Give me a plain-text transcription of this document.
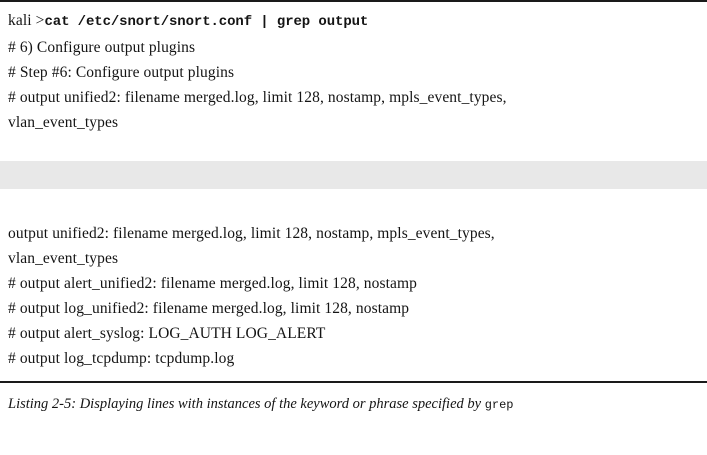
kali >cat /etc/snort/snort.conf | grep output
# 6) Configure output plugins
# Step #6: Configure output plugins
# output unified2: filename merged.log, limit 128, nostamp, mpls_event_types,
vlan_event_types
output unified2: filename merged.log, limit 128, nostamp, mpls_event_types,
vlan_event_types
# output alert_unified2: filename merged.log, limit 128, nostamp
# output log_unified2: filename merged.log, limit 128, nostamp
# output alert_syslog: LOG_AUTH LOG_ALERT
# output log_tcpdump: tcpdump.log
Listing 2-5: Displaying lines with instances of the keyword or phrase specified by grep
